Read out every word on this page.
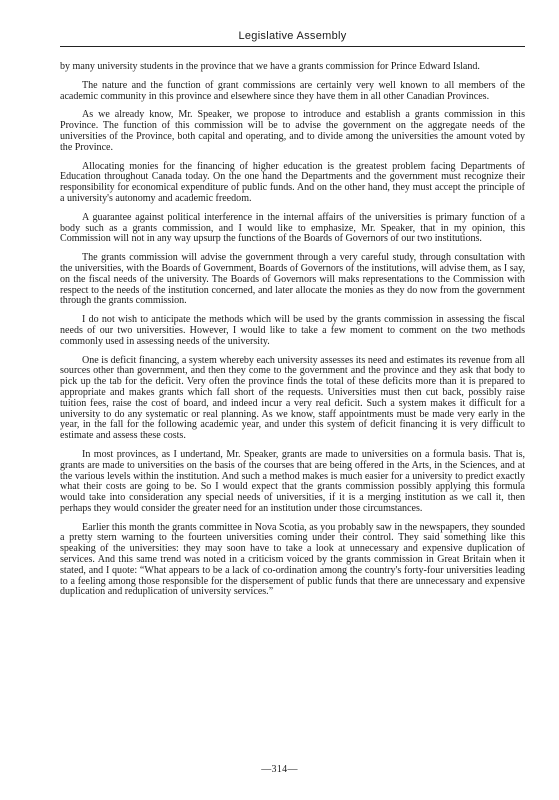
Legislative Assembly

by many university students in the province that we have a grants commission for Prince Edward Island.

The nature and the function of grant commissions are certainly very well known to all members of the academic community in this province and elsewhere since they have them in all other Canadian Provinces.

As we already know, Mr. Speaker, we propose to introduce and establish a grants commission in this Province. The function of this commission will be to advise the government on the aggregate needs of the universities of the Province, both capital and operating, and to divide among the universities the amount voted by the Province.

Allocating monies for the financing of higher education is the greatest problem facing Departments of Education throughout Canada today. On the one hand the Departments and the government must recognize their responsibility for economical expenditure of public funds. And on the other hand, they must accept the principle of a university's autonomy and academic freedom.

A guarantee against political interference in the internal affairs of the universities is primary function of a body such as a grants commission, and I would like to emphasize, Mr. Speaker, that in my opinion, this Commission will not in any way upsurp the functions of the Boards of Governors of our two institutions.

The grants commission will advise the government through a very careful study, through consultation with the universities, with the Boards of Government, Boards of Governors of the institutions, will advise them, as I say, on the fiscal needs of the university. The Boards of Governors will maks representations to the Commission with respect to the needs of the institution concerned, and later allocate the monies as they do now from the government through the grants commission.

I do not wish to anticipate the methods which will be used by the grants commission in assessing the fiscal needs of our two universities. However, I would like to take a few moment to comment on the two methods commonly used in assessing needs of the university.

One is deficit financing, a system whereby each university assesses its need and estimates its revenue from all sources other than government, and then they come to the government and the province and they ask that body to pick up the tab for the deficit. Very often the province finds the total of these deficits more than it is prepared to appropriate and makes grants which fall short of the requests. Universities must then cut back, possibly raise tuition fees, raise the cost of board, and indeed incur a very real deficit. Such a system makes it difficult for a university to do any systematic or real planning. As we know, staff appointments must be made very early in the year, in the fall for the following academic year, and under this system of deficit financing it is very difficult to estimate and assess these costs.

In most provinces, as I undertand, Mr. Speaker, grants are made to universities on a formula basis. That is, grants are made to universities on the basis of the courses that are being offered in the Arts, in the Sciences, and at the various levels within the institution. And such a method makes is much easier for a university to predict exactly what their costs are going to be. So I would expect that the grants commission possibly applying this formula would take into consideration any special needs of universities, if it is a merging institution as we call it, then perhaps they would consider the greater need for an institution under those circumstances.

Earlier this month the grants committee in Nova Scotia, as you probably saw in the newspapers, they sounded a pretty stern warning to the fourteen universities coming under their control. They said something like this speaking of the universities: they may soon have to take a look at unnecessary and expensive duplication of services. And this same trend was noted in a criticism voiced by the grants commission in Great Britain when it stated, and I quote: “What appears to be a lack of co-ordination among the country's forty-four universities leading to a feeling among those responsible for the dispersement of public funds that there are unnecessary and expensive duplication and reduplication of university services.”

—314—
